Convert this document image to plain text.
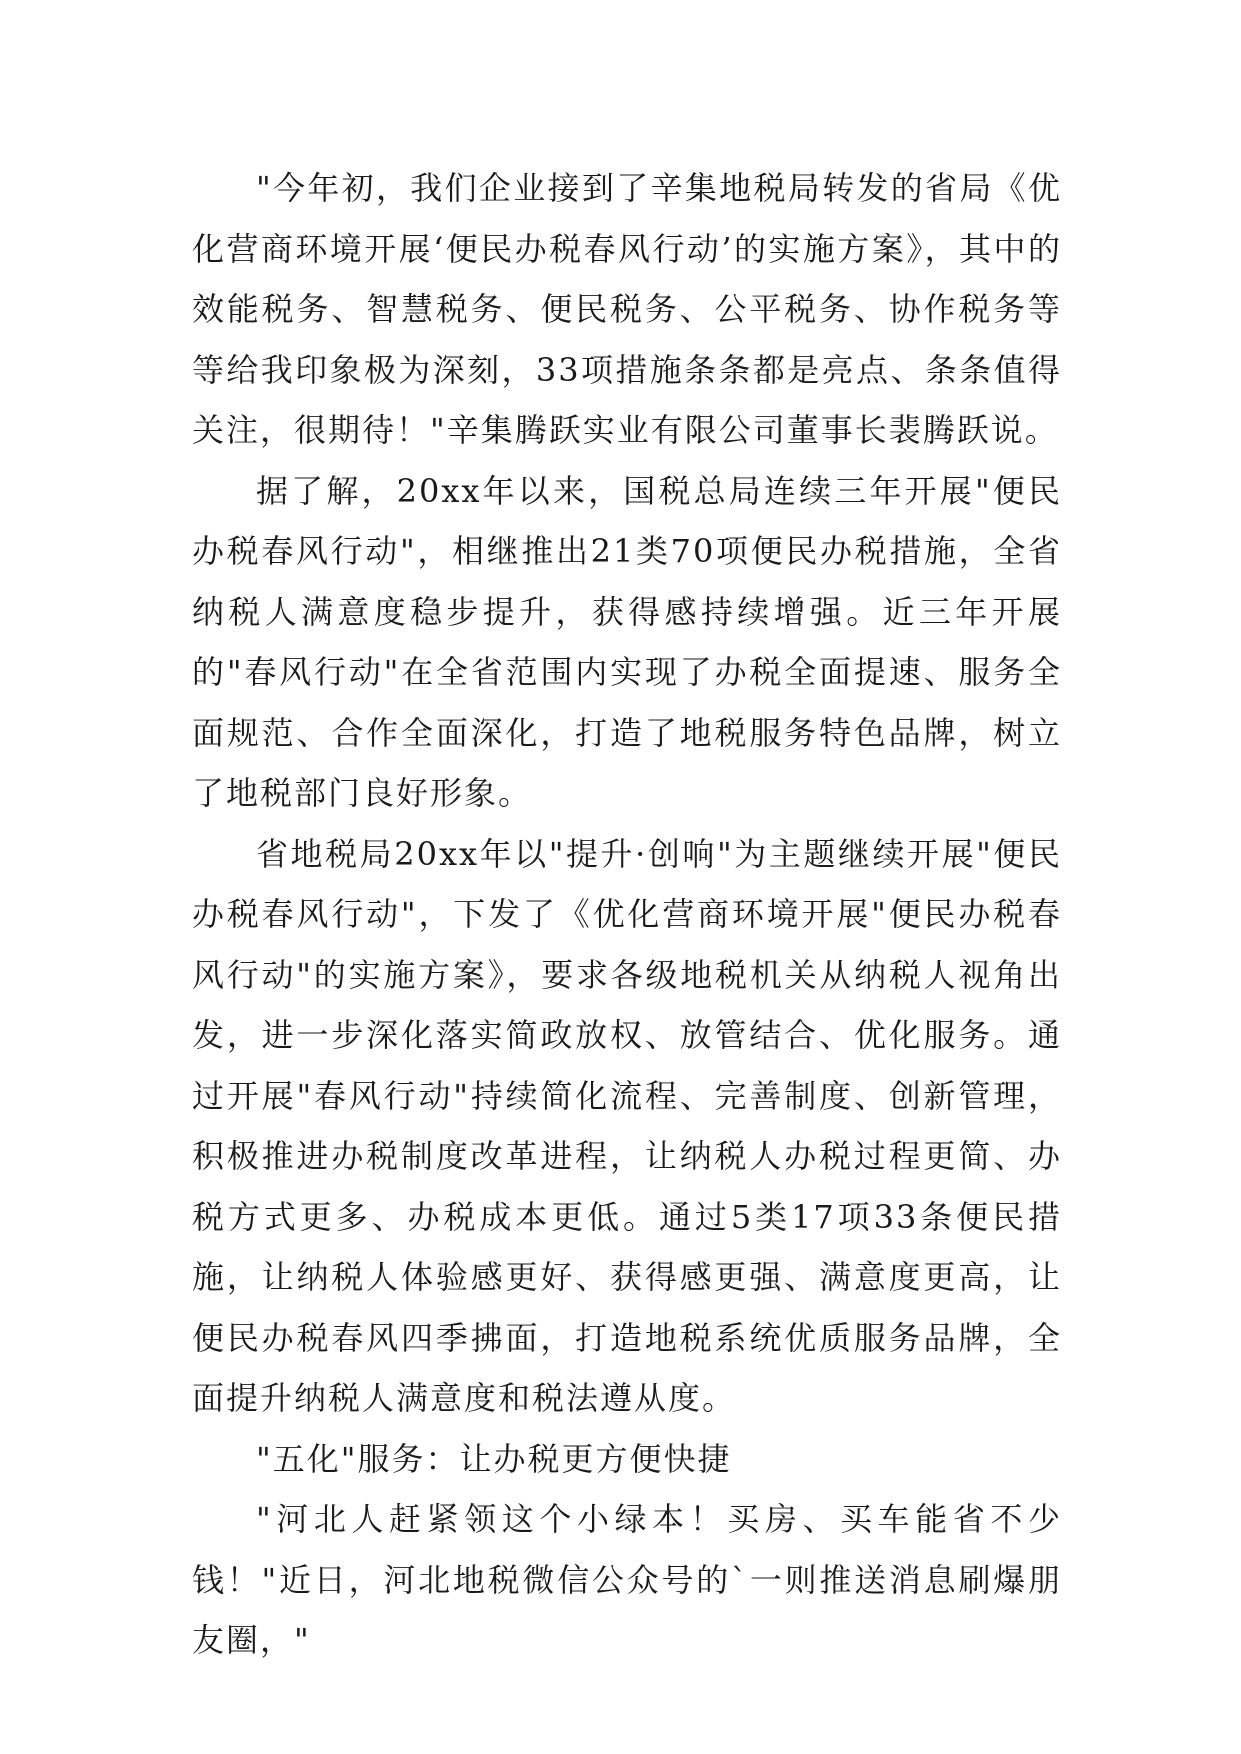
"今年初，我们企业接到了辛集地税局转发的省局《优化营商环境开展‘便民办税春风行动’的实施方案》，其中的效能税务、智慧税务、便民税务、公平税务、协作税务等等给我印象极为深刻，33项措施条条都是亮点、条条值得关注，很期待！"辛集腾跃实业有限公司董事长裴腾跃说。

据了解，20xx年以来，国税总局连续三年开展"便民办税春风行动"，相继推出21类70项便民办税措施，全省纳税人满意度稳步提升，获得感持续增强。近三年开展的"春风行动"在全省范围内实现了办税全面提速、服务全面规范、合作全面深化，打造了地税服务特色品牌，树立了地税部门良好形象。

省地税局20xx年以"提升·创响"为主题继续开展"便民办税春风行动"，下发了《优化营商环境开展"便民办税春风行动"的实施方案》，要求各级地税机关从纳税人视角出发，进一步深化落实简政放权、放管结合、优化服务。通过开展"春风行动"持续简化流程、完善制度、创新管理，积极推进办税制度改革进程，让纳税人办税过程更简、办税方式更多、办税成本更低。通过5类17项33条便民措施，让纳税人体验感更好、获得感更强、满意度更高，让便民办税春风四季拂面，打造地税系统优质服务品牌，全面提升纳税人满意度和税法遵从度。

"五化"服务：让办税更方便快捷

"河北人赶紧领这个小绿本！买房、买车能省不少钱！"近日，河北地税微信公众号的`一则推送消息刷爆朋友圈，"
